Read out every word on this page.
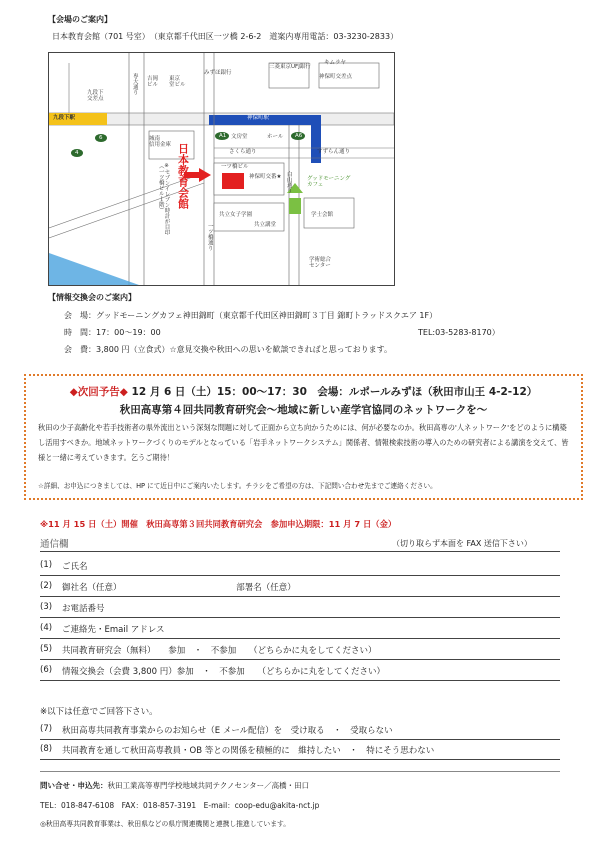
【会場のご案内】
日本教育会館（701 号室）　（東京都千代田区一ツ橋 2-6-2　道案内専用電話：03-3230-2833）
九段下
交差点
九段下駅
みずほ銀行
三菱東京UFJ銀行
キムラヤ
神保町交差点
神保町駅
東京
堂ビル
吉岡
ビル
城南
信用金庫
A1	A6
6
4
文房堂	ホール
さくら通り	すずらん通り
神保町交番★
一ツ橋ビル
日本教育会館
※セブンイレブン時計が目印
（一ツ橋ビル１階）
共立女子学園
共立講堂
学士会館
グッドモーニング
カフェ
白山通り
専大通り
一ツ橋通り
学術総合
センター
【情報交換会のご案内】
会　場：グッドモーニングカフェ神田錦町（東京都千代田区神田錦町３丁目 錦町トラッドスクエア 1F）
時　間：17：00～19：00	TEL:03-5283-8170）
会　費：3,800 円（立食式）☆意見交換や秋田への思いを歓談できればと思っております。
◆次回予告◆ 12 月 6 日（土）15：00～17：30　会場：ルポールみずほ（秋田市山王 4-2-12）
秋田高専第４回共同教育研究会～地域に新しい産学官協同のネットワークを～
秋田の少子高齢化や若手技術者の県外流出という深刻な問題に対して正面から立ち向かうためには、何が必要なのか。秋田高専の'人ネットワーク'をどのように構築し活用すべきか。地域ネットワークづくりのモデルとなっている「岩手ネットワークシステム」関係者、情報検索技術の導入のための研究者による講演を交えて、皆様と一緒に考えていきます。乞うご期待！
☆詳細、お申込につきましては、HP にて近日中にご案内いたします。チラシをご希望の方は、下記問い合わせ先までご連絡ください。
※11 月 15 日（土）開催　秋田高専第３回共同教育研究会　参加申込期限：11 月 7 日（金）
通信欄	（切り取らず本面を FAX 送信下さい）
(1) ご氏名
(2) 御社名（任意）　　　　　　　　　　　　　　部署名（任意）
(3) お電話番号
(4) ご連絡先・Email アドレス
(5) 共同教育研究会（無料）　　参加　・　不参加　　（どちらかに丸をしてください）
(6) 情報交換会（会費 3,800 円）参加　・　不参加　　（どちらかに丸をしてください）
※以下は任意でご回答下さい。
(7) 秋田高専共同教育事業からのお知らせ（E メール配信）を　受け取る　・　受取らない
(8) 共同教育を通して秋田高専教員・OB 等との関係を積極的に　維持したい　・　特にそう思わない
問い合せ・申込先：秋田工業高等専門学校地域共同テクノセンター／高橋・田口
TEL：018-847-6108　FAX：018-857-3191　E-mail：coop-edu@akita-nct.jp
◎秋田高専共同教育事業は、秋田県などの県庁関連機関と連携し推進しています。
